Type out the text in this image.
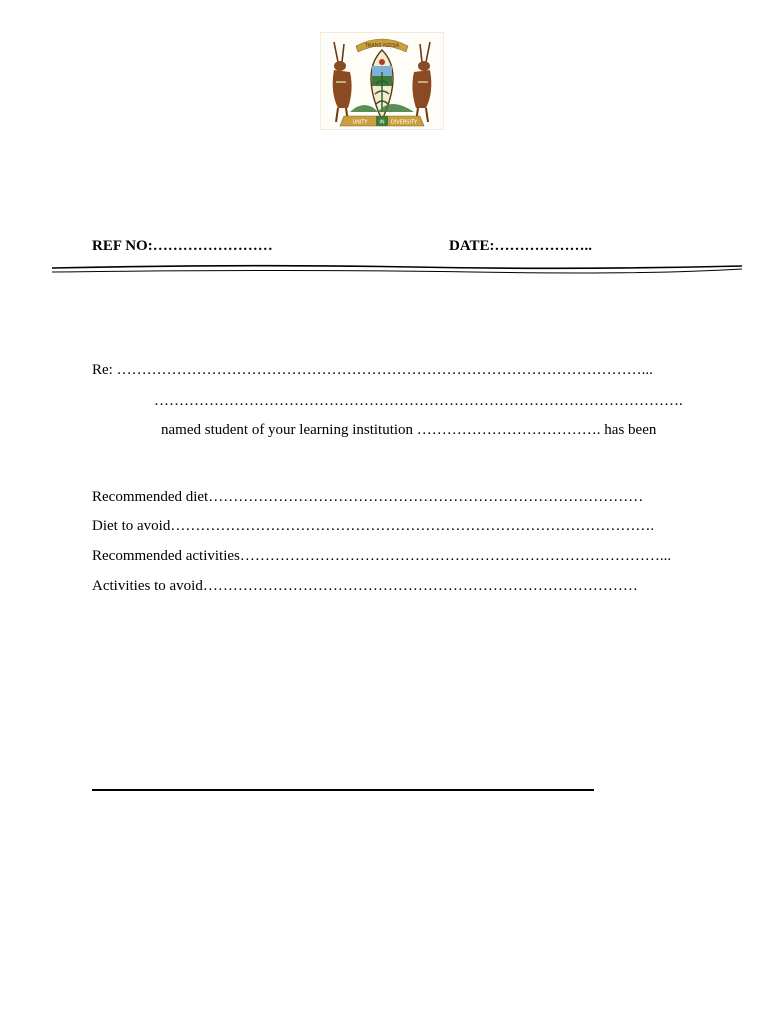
TRANS NZOIA
UNITY IN DIVERSITY
REF NO:……………………	DATE:………………..
Re: ……………………………………………………………………………………………...
…………………………………………………………………………………………….
named student of your learning institution ………………………………. has been
Recommended diet……………………………………………………………………………
Diet to avoid…………………………………………………………………………………….
Recommended activities…………………………………………………………………………...
Activities to avoid……………………………………………………………………………
